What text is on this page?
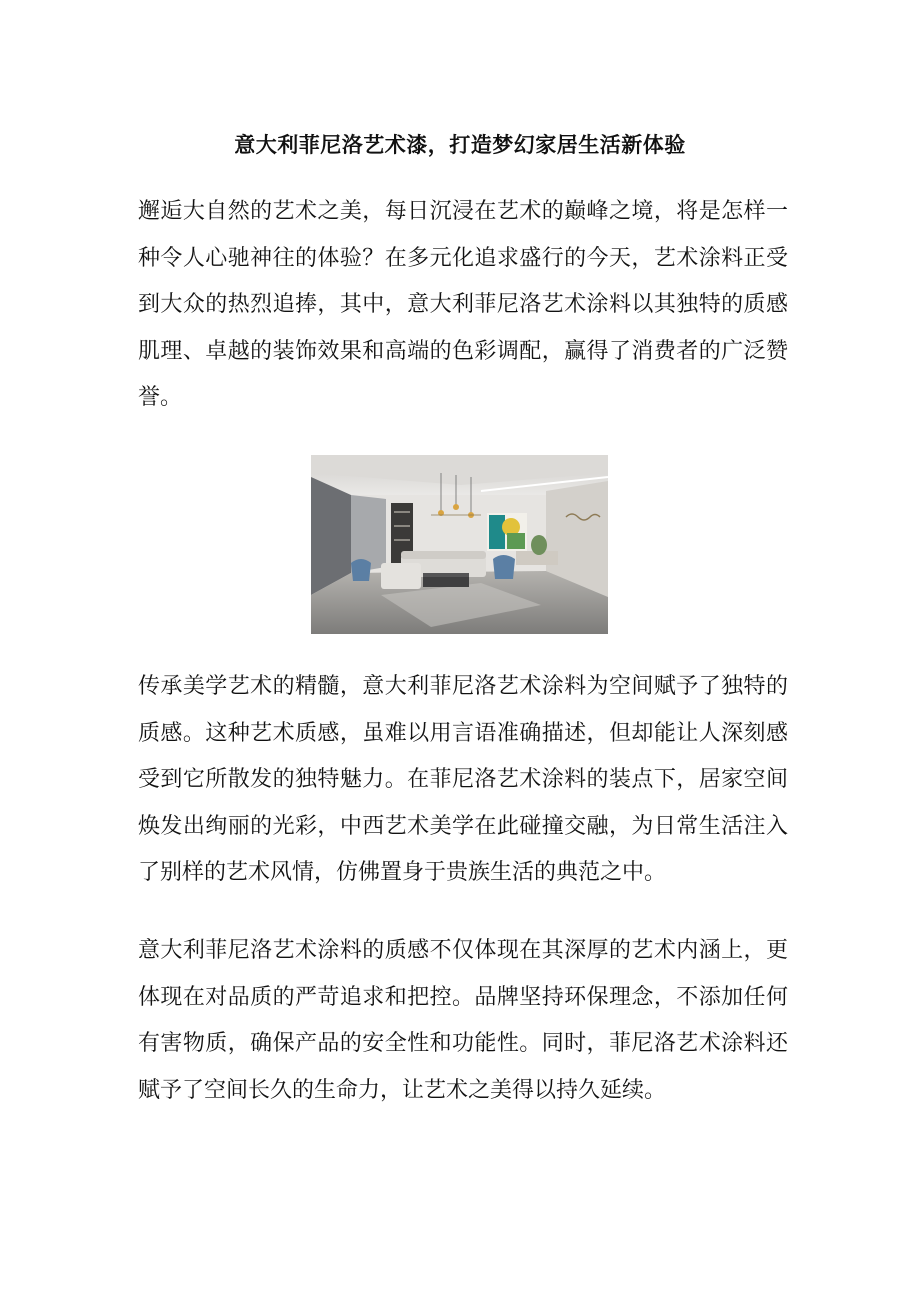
意大利菲尼洛艺术漆，打造梦幻家居生活新体验

邂逅大自然的艺术之美，每日沉浸在艺术的巅峰之境，将是怎样一种令人心驰神往的体验？在多元化追求盛行的今天，艺术涂料正受到大众的热烈追捧，其中，意大利菲尼洛艺术涂料以其独特的质感肌理、卓越的装饰效果和高端的色彩调配，赢得了消费者的广泛赞誉。

传承美学艺术的精髓，意大利菲尼洛艺术涂料为空间赋予了独特的质感。这种艺术质感，虽难以用言语准确描述，但却能让人深刻感受到它所散发的独特魅力。在菲尼洛艺术涂料的装点下，居家空间焕发出绚丽的光彩，中西艺术美学在此碰撞交融，为日常生活注入了别样的艺术风情，仿佛置身于贵族生活的典范之中。

意大利菲尼洛艺术涂料的质感不仅体现在其深厚的艺术内涵上，更体现在对品质的严苛追求和把控。品牌坚持环保理念，不添加任何有害物质，确保产品的安全性和功能性。同时，菲尼洛艺术涂料还赋予了空间长久的生命力，让艺术之美得以持久延续。
